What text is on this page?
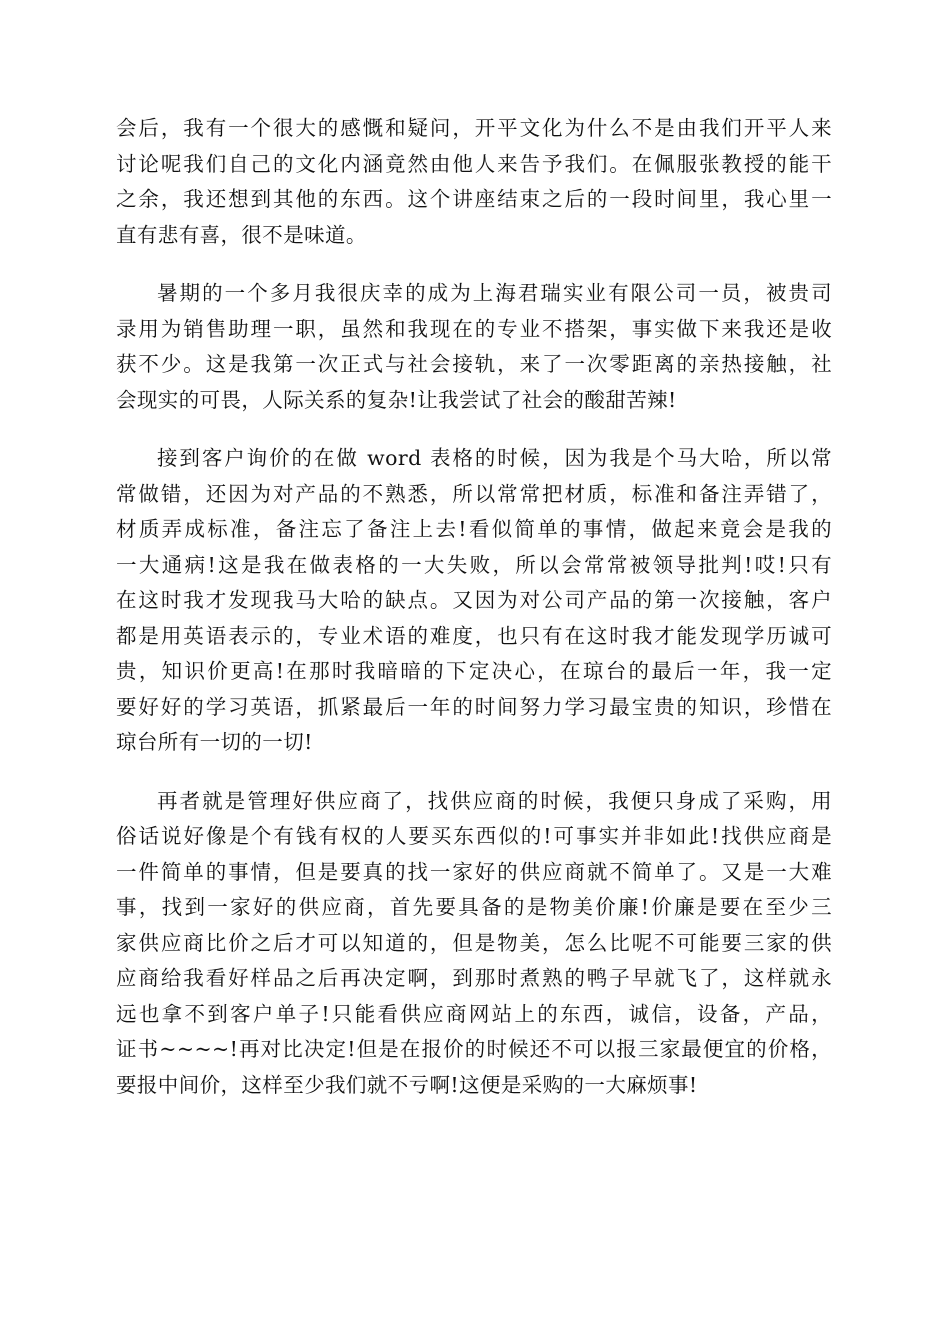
会后，我有一个很大的感慨和疑问，开平文化为什么不是由我们开平人来
讨论呢我们自己的文化内涵竟然由他人来告予我们。在佩服张教授的能干
之余，我还想到其他的东西。这个讲座结束之后的一段时间里，我心里一
直有悲有喜，很不是味道。
暑期的一个多月我很庆幸的成为上海君瑞实业有限公司一员，被贵司
录用为销售助理一职，虽然和我现在的专业不搭架，事实做下来我还是收
获不少。这是我第一次正式与社会接轨，来了一次零距离的亲热接触，社
会现实的可畏，人际关系的复杂!让我尝试了社会的酸甜苦辣!
接到客户询价的在做 word 表格的时候，因为我是个马大哈，所以常
常做错，还因为对产品的不熟悉，所以常常把材质，标准和备注弄错了，
材质弄成标准，备注忘了备注上去!看似简单的事情，做起来竟会是我的
一大通病!这是我在做表格的一大失败，所以会常常被领导批判!哎!只有
在这时我才发现我马大哈的缺点。又因为对公司产品的第一次接触，客户
都是用英语表示的，专业术语的难度，也只有在这时我才能发现学历诚可
贵，知识价更高!在那时我暗暗的下定决心，在琼台的最后一年，我一定
要好好的学习英语，抓紧最后一年的时间努力学习最宝贵的知识，珍惜在
琼台所有一切的一切!
再者就是管理好供应商了，找供应商的时候，我便只身成了采购，用
俗话说好像是个有钱有权的人要买东西似的!可事实并非如此!找供应商是
一件简单的事情，但是要真的找一家好的供应商就不简单了。又是一大难
事，找到一家好的供应商，首先要具备的是物美价廉!价廉是要在至少三
家供应商比价之后才可以知道的，但是物美，怎么比呢不可能要三家的供
应商给我看好样品之后再决定啊，到那时煮熟的鸭子早就飞了，这样就永
远也拿不到客户单子!只能看供应商网站上的东西，诚信，设备，产品，
证书~~~~!再对比决定!但是在报价的时候还不可以报三家最便宜的价格，
要报中间价，这样至少我们就不亏啊!这便是采购的一大麻烦事!
